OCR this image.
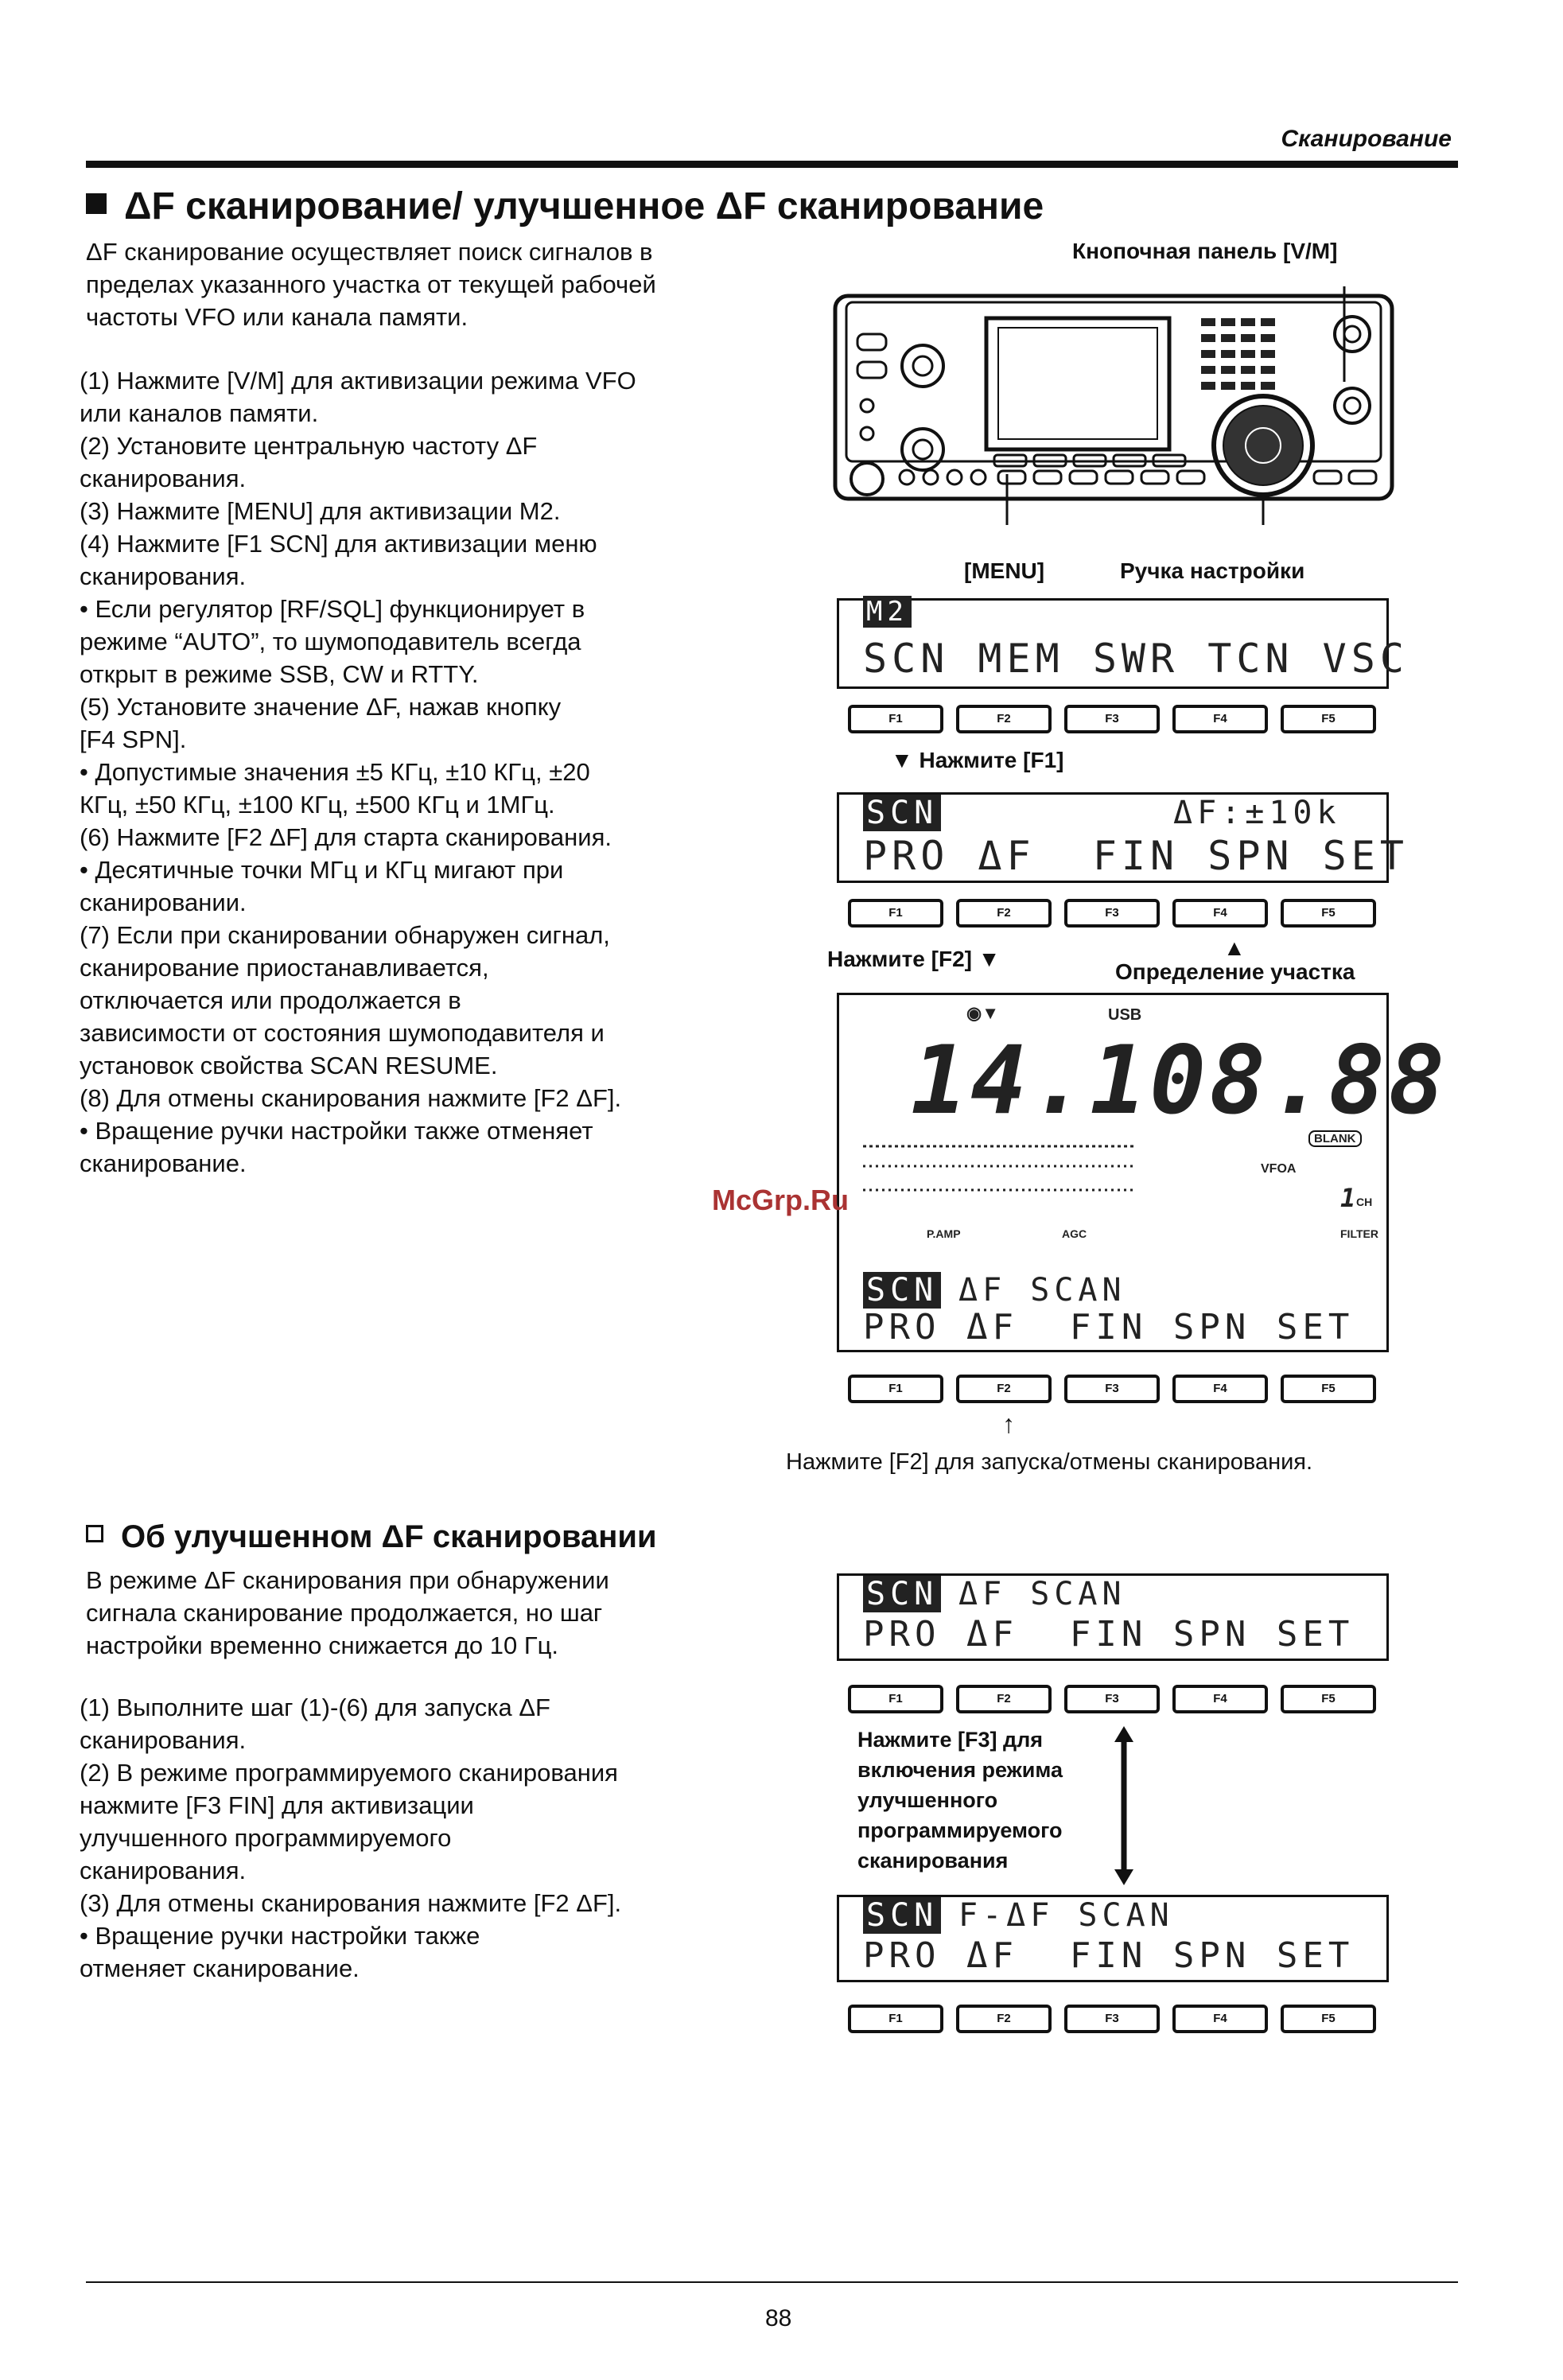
Сканирование
ΔF сканирование/ улучшенное ΔF сканирование
ΔF сканирование осуществляет поиск сигналов в
пределах указанного участка от текущей рабочей
частоты VFO или канала памяти.
(1) Нажмите [V/M] для активизации режима VFO
или каналов памяти.
(2) Установите центральную частоту ΔF
сканирования.
(3) Нажмите [MENU] для активизации M2.
(4) Нажмите [F1 SCN] для активизации меню
сканирования.
• Если регулятор [RF/SQL] функционирует в
режиме “AUTO”, то шумоподавитель всегда
открыт в режиме SSB, CW и RTTY.
(5) Установите значение ΔF, нажав кнопку
[F4 SPN].
• Допустимые значения ±5 КГц, ±10 КГц, ±20
КГц, ±50 КГц, ±100 КГц, ±500 КГц и 1МГц.
(6) Нажмите [F2 ΔF] для старта сканирования.
• Десятичные точки МГц и КГц мигают при
сканировании.
(7) Если при сканировании обнаружен сигнал,
сканирование приостанавливается,
отключается или продолжается в
зависимости от состояния шумоподавителя и
установок свойства SCAN RESUME.
(8) Для отмены сканирования нажмите [F2 ΔF].
• Вращение ручки настройки также отменяет
сканирование.
Кнопочная панель [V/M]
[MENU]	Ручка настройки
M2
SCN MEM SWR TCN VSC
F1	F2	F3	F4	F5
▼ Нажмите [F1]
SCN	ΔF:±10k
PRO ΔF  FIN SPN SET
F1	F2	F3	F4	F5
Нажмите [F2] ▼	▲
Определение участка
◉▼	USB
14.108.88
BLANK
VFOA
1 CH
P.AMP	AGC	FILTER
SCN ΔF SCAN
PRO ΔF  FIN SPN SET
F1	F2	F3	F4	F5
↑
Нажмите [F2] для запуска/отмены сканирования.
McGrp.Ru
Об улучшенном ΔF сканировании
В режиме ΔF сканирования при обнаружении
сигнала сканирование продолжается, но шаг
настройки временно снижается до 10 Гц.
(1) Выполните шаг (1)-(6) для запуска ΔF
сканирования.
(2) В режиме программируемого сканирования
нажмите [F3 FIN] для активизации
улучшенного программируемого
сканирования.
(3) Для отмены сканирования нажмите [F2 ΔF].
• Вращение ручки настройки также
отменяет сканирование.
SCN ΔF SCAN
PRO ΔF  FIN SPN SET
F1	F2	F3	F4	F5
Нажмите [F3] для
включения режима
улучшенного
программируемого
сканирования
SCN F-ΔF SCAN
PRO ΔF  FIN SPN SET
F1	F2	F3	F4	F5
88
